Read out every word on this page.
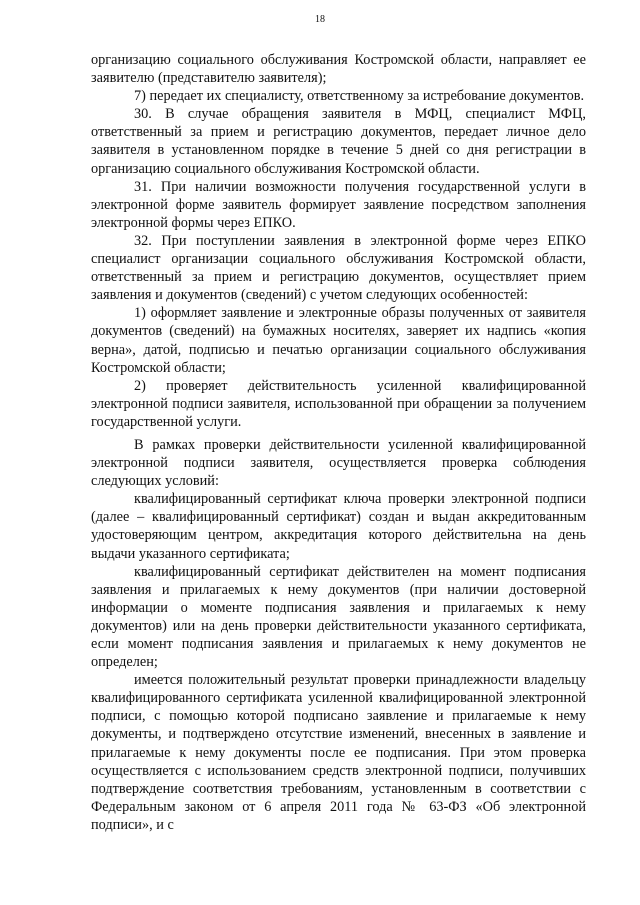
18

организацию социального обслуживания Костромской области, направляет ее заявителю (представителю заявителя);

7) передает их специалисту, ответственному за истребование документов.

30. В случае обращения заявителя в МФЦ, специалист МФЦ, ответственный за прием и регистрацию документов, передает личное дело заявителя в установленном порядке в течение 5 дней со дня регистрации в организацию социального обслуживания Костромской области.

31. При наличии возможности получения государственной услуги в электронной форме заявитель формирует заявление посредством заполнения электронной формы через ЕПКО.

32. При поступлении заявления в электронной форме через ЕПКО специалист организации социального обслуживания Костромской области, ответственный за прием и регистрацию документов, осуществляет прием заявления и документов (сведений) с учетом следующих особенностей:

1) оформляет заявление и электронные образы полученных от заявителя документов (сведений) на бумажных носителях, заверяет их надпись «копия верна», датой, подписью и печатью организации социального обслуживания Костромской области;

2) проверяет действительность усиленной квалифицированной электронной подписи заявителя, использованной при обращении за получением государственной услуги.

В рамках проверки действительности усиленной квалифицированной электронной подписи заявителя, осуществляется проверка соблюдения следующих условий:

квалифицированный сертификат ключа проверки электронной подписи (далее – квалифицированный сертификат) создан и выдан аккредитованным удостоверяющим центром, аккредитация которого действительна на день выдачи указанного сертификата;

квалифицированный сертификат действителен на момент подписания заявления и прилагаемых к нему документов (при наличии достоверной информации о моменте подписания заявления и прилагаемых к нему документов) или на день проверки действительности указанного сертификата, если момент подписания заявления и прилагаемых к нему документов не определен;

имеется положительный результат проверки принадлежности владельцу квалифицированного сертификата усиленной квалифицированной электронной подписи, с помощью которой подписано заявление и прилагаемые к нему документы, и подтверждено отсутствие изменений, внесенных в заявление и прилагаемые к нему документы после ее подписания. При этом проверка осуществляется с использованием средств электронной подписи, получивших подтверждение соответствия требованиям, установленным в соответствии с Федеральным законом от 6 апреля 2011 года № 63-ФЗ «Об электронной подписи», и с
